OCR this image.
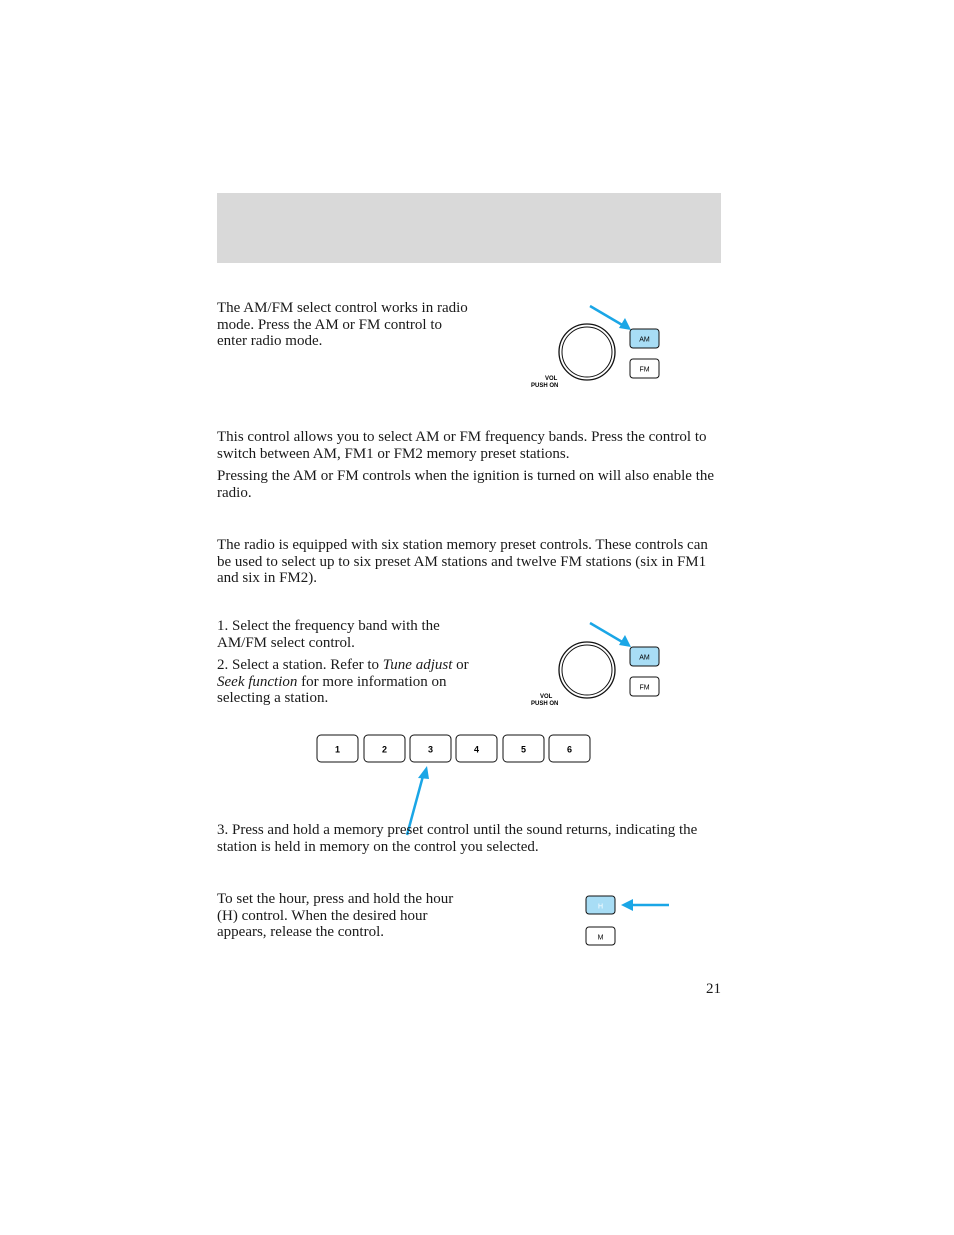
The AM/FM select control works in radio mode. Press the AM or FM control to enter radio mode.

VOL
PUSH ON
AM
FM

This control allows you to select AM or FM frequency bands. Press the control to switch between AM, FM1 or FM2 memory preset stations.

Pressing the AM or FM controls when the ignition is turned on will also enable the radio.

The radio is equipped with six station memory preset controls. These controls can be used to select up to six preset AM stations and twelve FM stations (six in FM1 and six in FM2).

1. Select the frequency band with the AM/FM select control.

2. Select a station. Refer to Tune adjust or Seek function for more information on selecting a station.	VOL
PUSH ON
AM
FM
1	2	3	4	5	6

3. Press and hold a memory preset control until the sound returns, indicating the station is held in memory on the control you selected.

To set the hour, press and hold the hour (H) control. When the desired hour appears, release the control.

H
M
21
